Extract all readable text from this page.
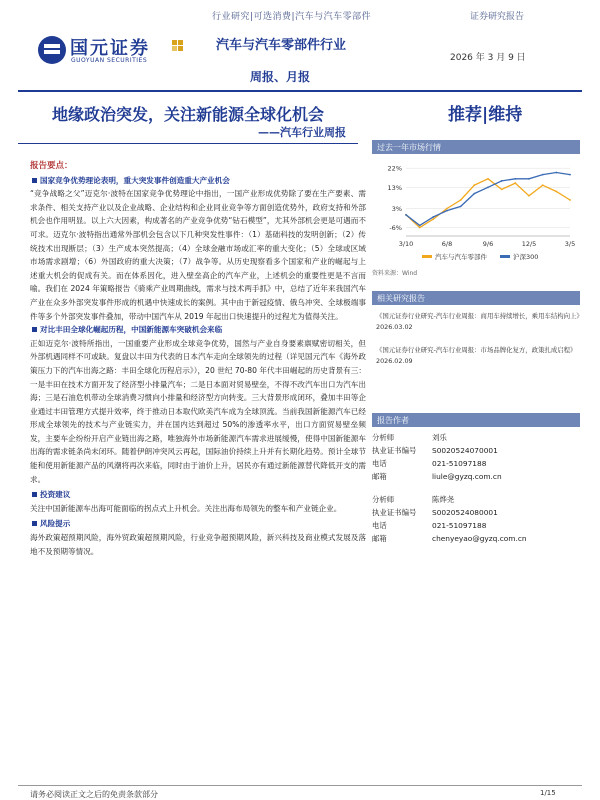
行业研究|可选消费|汽车与汽车零部件	证券研究报告
国元证券
GUOYUAN SECURITIES
汽车与汽车零部件行业
2026 年 3 月 9 日
周报、月报
地缘政治突发，关注新能源全球化机会
——汽车行业周报
推荐|维持
报告要点：
国家竞争优势理论表明，重大突发事件创造重大产业机会

“竞争战略之父”迈克尔·波特在国家竞争优势理论中指出，一国产业形成优势除了要在生产要素、需求条件、相关支持产业以及企业战略、企业结构和企业同业竞争等方面创造优势外，政府支持和外部机会也作用明显。以上六大因素，构成著名的产业竞争优势“钻石模型”，尤其外部机会更是可遇而不可求。迈克尔·波特指出通常外部机会包含以下几种突发性事件：（1）基础科技的发明创新；（2）传统技术出现断层；（3）生产成本突然提高；（4）全球金融市场或汇率的重大变化；（5）全球或区域市场需求剧增；（6）外国政府的重大决策；（7）战争等。从历史现察看多个国家和产业的崛起与上述重大机会的促成有关。而在体系因化，进入壁垒高企的汽车产业，上述机会的重要性更是不言而喻。我们在 2024 年策略报告《骑乘产业周期曲线，需求与技术两手抓》中，总结了近年来我国汽车产业在众多外部突发事件形成的机遇中快速成长的案例。其中由于新冠疫情、俄乌冲突、全球极端事件等多个外部突发事件叠加，带动中国汽车从 2019 年起出口快速提升的过程尤为值得关注。

对比丰田全球化崛起历程，中国新能源车突破机会来临

正如迈克尔·波特所指出，一国重要产业形成全球竞争优势，国然与产业自身要素禀赋密切相关，但外部机遇同样不可或缺。复盘以丰田为代表的日本汽车走向全球领先的过程（详见国元汽车《海外政策压力下的汽车出海之路：丰田全球化历程启示》），20 世纪 70-80 年代丰田崛起的历史背景有三：一是丰田在技术方面开发了经济型小排量汽车；二是日本面对贸易壁垒，不得不改汽车出口为汽车出海；三是石油危机带动全球消费习惯向小排量和经济型方向转变。三大背景形成闭环，叠加丰田等企业通过丰田管理方式提升效率，终于推动日本取代欧美汽车成为全球顶流。当前我国新能源汽车已经形成全球领先的技术与产业链实力，并在国内达到超过 50%的渗透率水平，出口方面贸易壁垒频发，主要车企纷纷开启产业链出海之路，唯独海外市场新能源汽车需求进展缓慢，使得中国新能源车出海的需求链条尚未闭环。随着伊朗冲突风云再起，国际油价持续上升并有长期化趋势。预计全球节能和使用新能源产品的风潮将再次来临，同时由于油价上升，居民亦有通过新能源替代降低开支的需求。

投资建议

关注中国新能源车出海可能面临的拐点式上升机会。关注出海布局领先的整车和产业链企业。

风险提示

海外政策超预期风险，海外贸政策超预期风险，行业竞争超预期风险，新兴科技及商业模式发展及落地不及预期等情况。

过去一年市场行情
22%
13%
3%
-6%
3/10	6/8	9/6	12/5	3/5
汽车与汽车零部件	沪深300
资料来源：Wind
相关研究报告
《国元证券行业研究-汽车行业周报：商用车持续增长，乘用车结构向上》2026.03.02
《国元证券行业研究-汽车行业周报：市场品牌化复方，政策扎成启程》2026.02.09
报告作者
分析师	刘乐
执业证书编号	S0020524070001
电话	021-51097188
邮箱	liule@gyzq.com.cn
分析师	陈烨尧
执业证书编号	S0020524080001
电话	021-51097188
邮箱	chenyeyao@gyzq.com.cn
请务必阅读正文之后的免责条款部分	1/15
